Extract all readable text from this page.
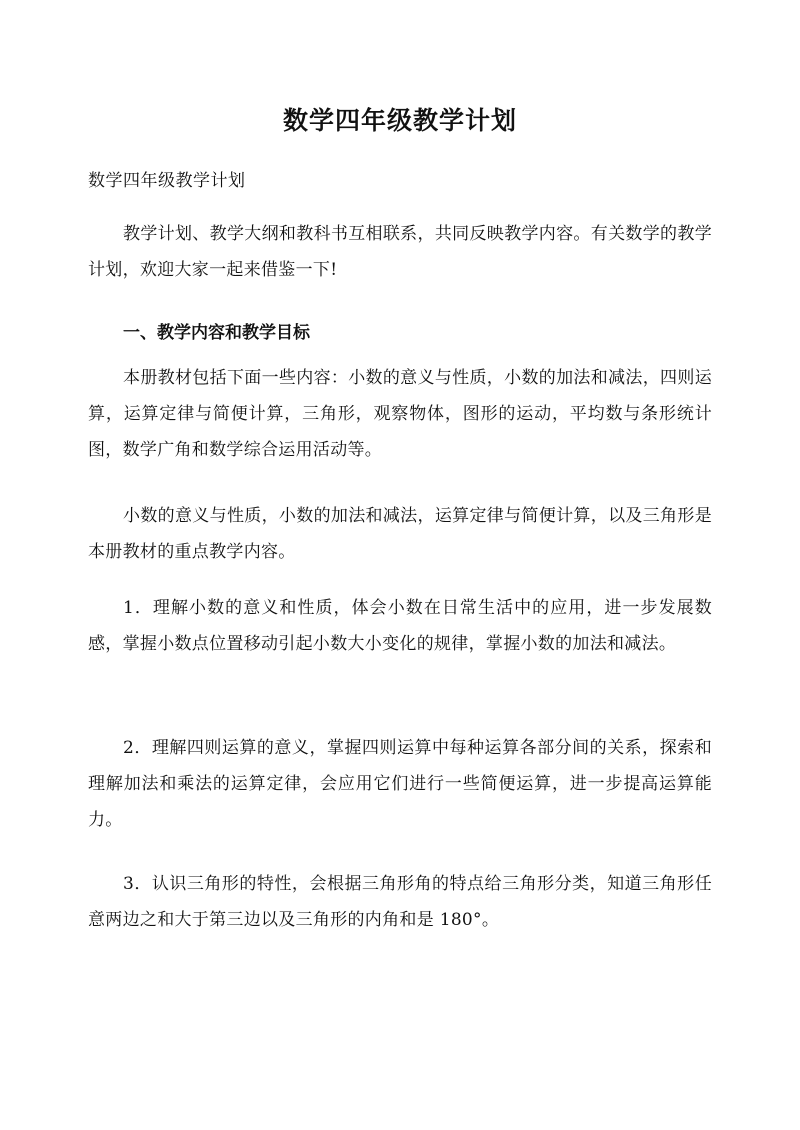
数学四年级教学计划
数学四年级教学计划
教学计划、教学大纲和教科书互相联系，共同反映教学内容。有关数学的教学计划，欢迎大家一起来借鉴一下!
一、教学内容和教学目标
本册教材包括下面一些内容：小数的意义与性质，小数的加法和减法，四则运算，运算定律与简便计算，三角形，观察物体，图形的运动，平均数与条形统计图，数学广角和数学综合运用活动等。
小数的意义与性质，小数的加法和减法，运算定律与简便计算，以及三角形是本册教材的重点教学内容。
1．理解小数的意义和性质，体会小数在日常生活中的应用，进一步发展数感，掌握小数点位置移动引起小数大小变化的规律，掌握小数的加法和减法。
2．理解四则运算的意义，掌握四则运算中每种运算各部分间的关系，探索和理解加法和乘法的运算定律，会应用它们进行一些简便运算，进一步提高运算能力。
3．认识三角形的特性，会根据三角形角的特点给三角形分类，知道三角形任意两边之和大于第三边以及三角形的内角和是 180°。
